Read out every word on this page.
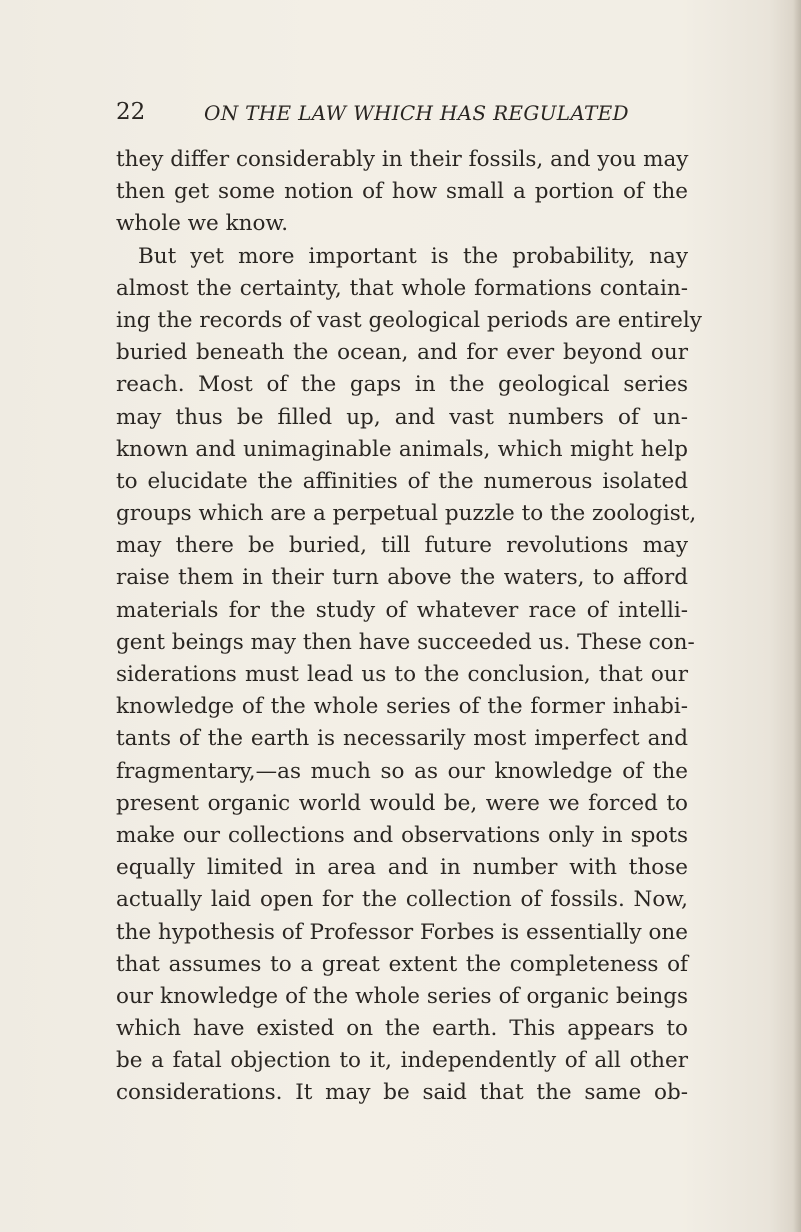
22	ON THE LAW WHICH HAS REGULATED
they differ considerably in their fossils, and you may
then get some notion of how small a portion of the
whole we know.
But yet more important is the probability, nay
almost the certainty, that whole formations contain-
ing the records of vast geological periods are entirely
buried beneath the ocean, and for ever beyond our
reach. Most of the gaps in the geological series
may thus be filled up, and vast numbers of un-
known and unimaginable animals, which might help
to elucidate the affinities of the numerous isolated
groups which are a perpetual puzzle to the zoologist,
may there be buried, till future revolutions may
raise them in their turn above the waters, to afford
materials for the study of whatever race of intelli-
gent beings may then have succeeded us. These con-
siderations must lead us to the conclusion, that our
knowledge of the whole series of the former inhabi-
tants of the earth is necessarily most imperfect and
fragmentary,—as much so as our knowledge of the
present organic world would be, were we forced to
make our collections and observations only in spots
equally limited in area and in number with those
actually laid open for the collection of fossils. Now,
the hypothesis of Professor Forbes is essentially one
that assumes to a great extent the completeness of
our knowledge of the whole series of organic beings
which have existed on the earth. This appears to
be a fatal objection to it, independently of all other
considerations. It may be said that the same ob-
